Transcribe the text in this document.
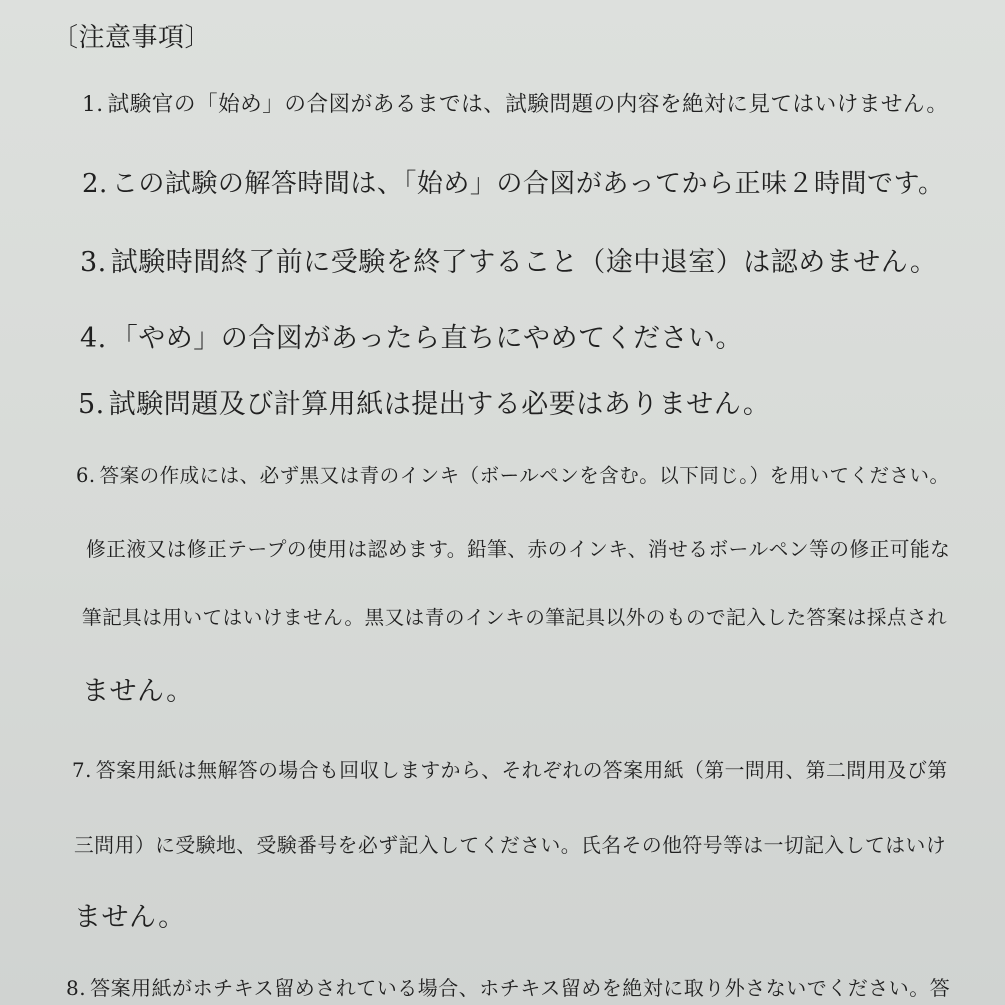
〔注意事項〕
1. 試験官の「始め」の合図があるまでは、試験問題の内容を絶対に見てはいけません。
2. この試験の解答時間は、「始め」の合図があってから正味２時間です。
3. 試験時間終了前に受験を終了すること（途中退室）は認めません。
4. 「やめ」の合図があったら直ちにやめてください。
5. 試験問題及び計算用紙は提出する必要はありません。
6. 答案の作成には、必ず黒又は青のインキ（ボールペンを含む。以下同じ。）を用いてください。
修正液又は修正テープの使用は認めます。鉛筆、赤のインキ、消せるボールペン等の修正可能な
筆記具は用いてはいけません。黒又は青のインキの筆記具以外のもので記入した答案は採点され
ません。
7. 答案用紙は無解答の場合も回収しますから、それぞれの答案用紙（第一問用、第二問用及び第
三問用）に受験地、受験番号を必ず記入してください。氏名その他符号等は一切記入してはいけ
ません。
8. 答案用紙がホチキス留めされている場合、ホチキス留めを絶対に取り外さないでください。答
